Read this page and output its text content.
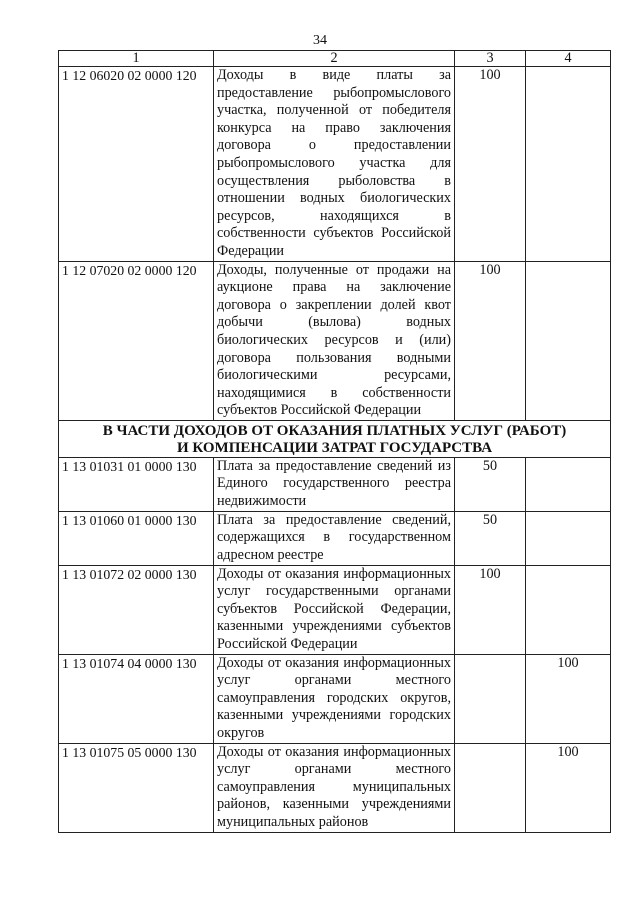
34
1	2	3	4
1 12 06020 02 0000 120	Доходы в виде платы за предоставление рыбопромыслового участка, полученной от победителя конкурса на право заключения договора о предоставлении рыбопромыслового участка для осуществления рыболовства в отношении водных биологических ресурсов, находящихся в собственности субъектов Российской Федерации	100	
1 12 07020 02 0000 120	Доходы, полученные от продажи на аукционе права на заключение договора о закреплении долей квот добычи (вылова) водных биологических ресурсов и (или) договора пользования водными биологическими ресурсами, находящимися в собственности субъектов Российской Федерации	100	

В ЧАСТИ ДОХОДОВ ОТ ОКАЗАНИЯ ПЛАТНЫХ УСЛУГ (РАБОТ)
И КОМПЕНСАЦИИ ЗАТРАТ ГОСУДАРСТВА			

1 13 01031 01 0000 130	Плата за предоставление сведений из Единого государственного реестра недвижимости	50	
1 13 01060 01 0000 130	Плата за предоставление сведений, содержащихся в государственном адресном реестре	50	
1 13 01072 02 0000 130	Доходы от оказания информационных услуг государственными органами субъектов Российской Федерации, казенными учреждениями субъектов Российской Федерации	100	
1 13 01074 04 0000 130	Доходы от оказания информационных услуг органами местного самоуправления городских округов, казенными учреждениями городских округов		100
1 13 01075 05 0000 130	Доходы от оказания информационных услуг органами местного самоуправления муниципальных районов, казенными учреждениями муниципальных районов		100
